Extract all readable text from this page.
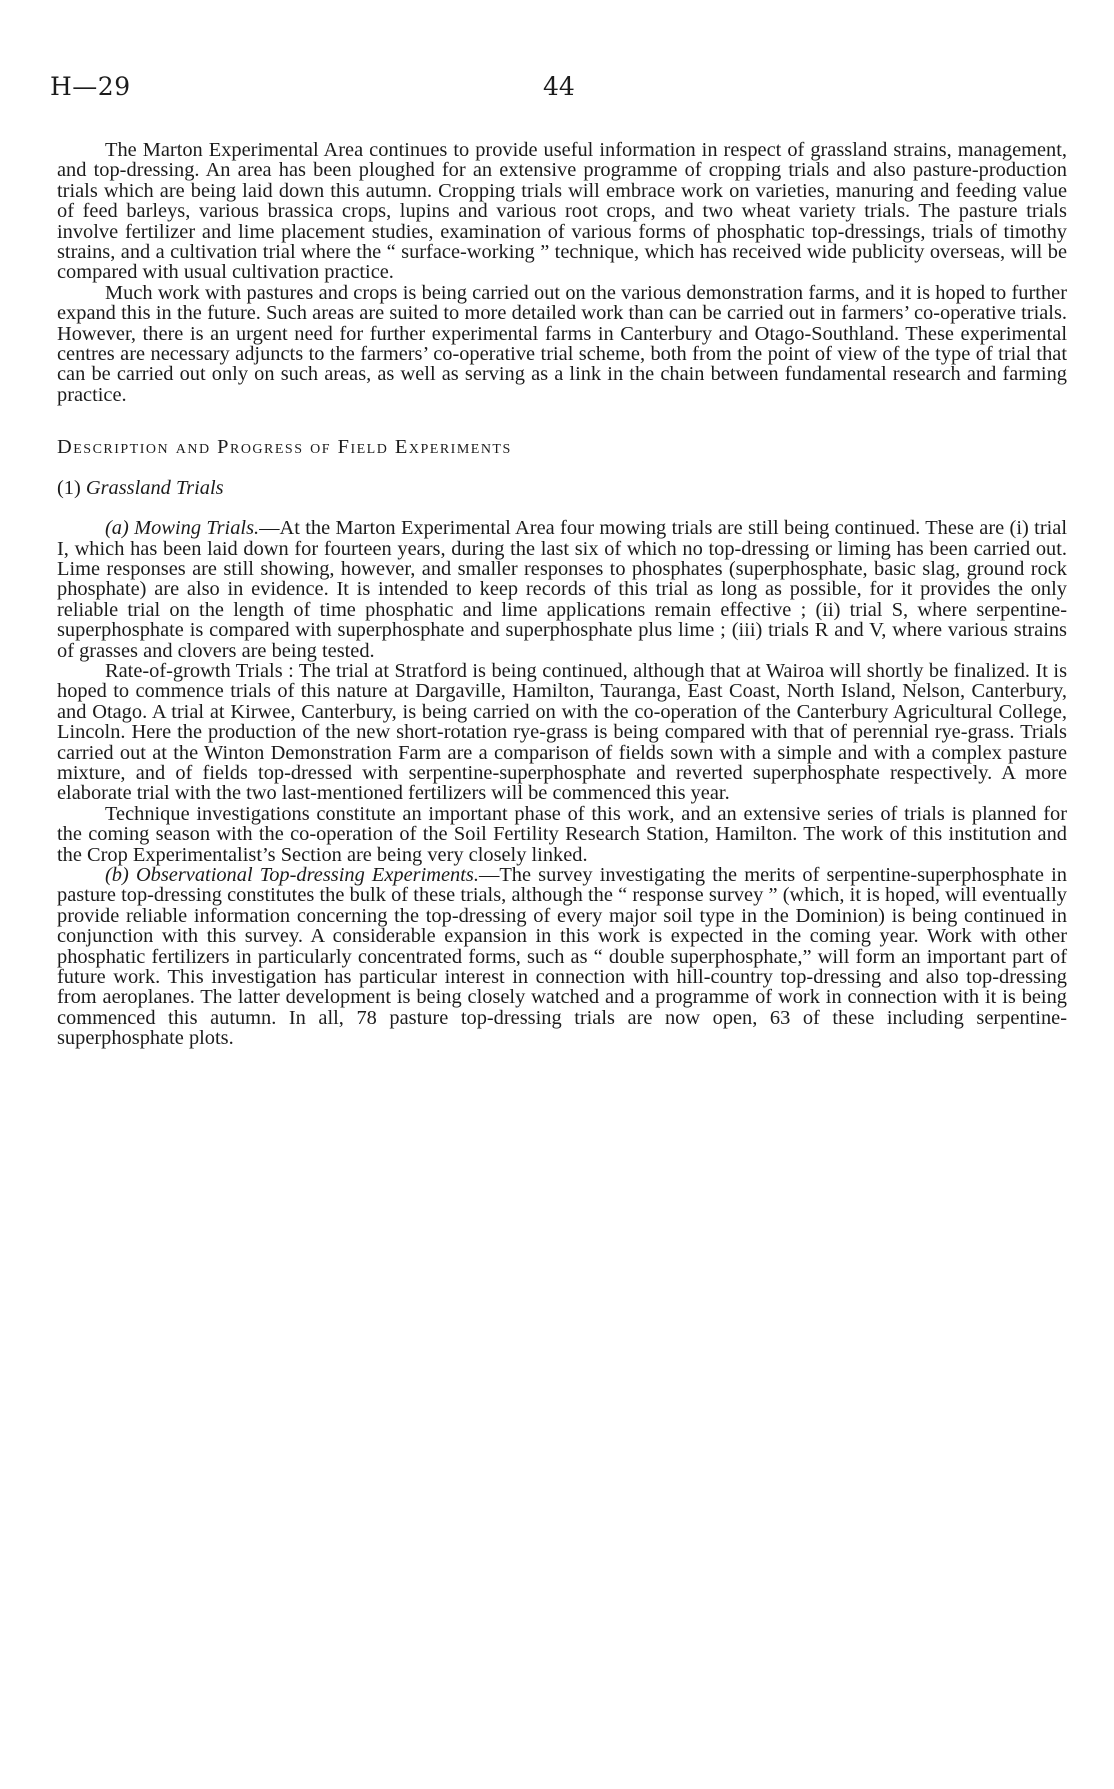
H—29	44

The Marton Experimental Area continues to provide useful information in respect of grassland strains, management, and top-dressing. An area has been ploughed for an extensive programme of cropping trials and also pasture-production trials which are being laid down this autumn. Cropping trials will embrace work on varieties, manuring and feeding value of feed barleys, various brassica crops, lupins and various root crops, and two wheat variety trials. The pasture trials involve fertilizer and lime placement studies, examination of various forms of phosphatic top-dressings, trials of timothy strains, and a cultivation trial where the “ surface-working ” technique, which has received wide publicity overseas, will be compared with usual cultivation practice.

Much work with pastures and crops is being carried out on the various demonstration farms, and it is hoped to further expand this in the future. Such areas are suited to more detailed work than can be carried out in farmers’ co-operative trials. However, there is an urgent need for further experimental farms in Canterbury and Otago-Southland. These experimental centres are necessary adjuncts to the farmers’ co-operative trial scheme, both from the point of view of the type of trial that can be carried out only on such areas, as well as serving as a link in the chain between fundamental research and farming practice.

Description and Progress of Field Experiments

(1) Grassland Trials

(a) Mowing Trials.—At the Marton Experimental Area four mowing trials are still being continued. These are (i) trial I, which has been laid down for fourteen years, during the last six of which no top-dressing or liming has been carried out. Lime responses are still showing, however, and smaller responses to phosphates (superphosphate, basic slag, ground rock phosphate) are also in evidence. It is intended to keep records of this trial as long as possible, for it provides the only reliable trial on the length of time phosphatic and lime applications remain effective ; (ii) trial S, where serpentine-superphosphate is compared with superphosphate and superphosphate plus lime ; (iii) trials R and V, where various strains of grasses and clovers are being tested.

Rate-of-growth Trials : The trial at Stratford is being continued, although that at Wairoa will shortly be finalized. It is hoped to commence trials of this nature at Dargaville, Hamilton, Tauranga, East Coast, North Island, Nelson, Canterbury, and Otago. A trial at Kirwee, Canterbury, is being carried on with the co-operation of the Canterbury Agricultural College, Lincoln. Here the production of the new short-rotation rye-grass is being compared with that of perennial rye-grass. Trials carried out at the Winton Demonstration Farm are a comparison of fields sown with a simple and with a complex pasture mixture, and of fields top-dressed with serpentine-superphosphate and reverted superphosphate respectively. A more elaborate trial with the two last-mentioned fertilizers will be commenced this year.

Technique investigations constitute an important phase of this work, and an extensive series of trials is planned for the coming season with the co-operation of the Soil Fertility Research Station, Hamilton. The work of this institution and the Crop Experimentalist’s Section are being very closely linked.

(b) Observational Top-dressing Experiments.—The survey investigating the merits of serpentine-superphosphate in pasture top-dressing constitutes the bulk of these trials, although the “ response survey ” (which, it is hoped, will eventually provide reliable information concerning the top-dressing of every major soil type in the Dominion) is being continued in conjunction with this survey. A considerable expansion in this work is expected in the coming year. Work with other phosphatic fertilizers in particularly concentrated forms, such as “ double superphosphate,” will form an important part of future work. This investigation has particular interest in connection with hill-country top-dressing and also top-dressing from aeroplanes. The latter development is being closely watched and a programme of work in connection with it is being commenced this autumn. In all, 78 pasture top-dressing trials are now open, 63 of these including serpentine-superphosphate plots.
